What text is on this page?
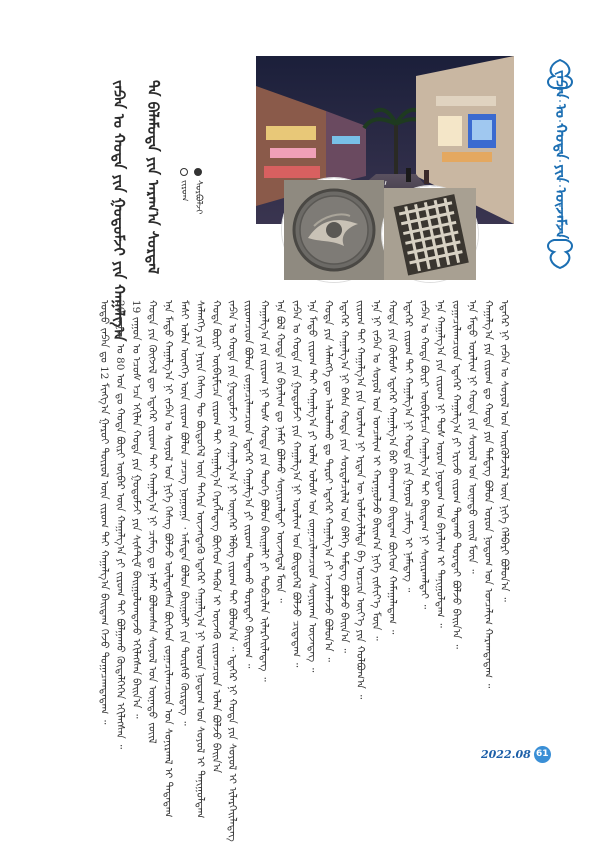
ᠵᠠᠫᠠᠨ ᠤ ᠬᠣᠲᠠ ᠶᠢᠨ ᠦᠵᠡᠮᠵᠡ
ᠵᠠᠫᠠᠨ ᠤ ᠬᠣᠲᠠ ᠶᠢᠨ ᠭᠤᠳᠤᠮᠵᠢ ᠶᠢᠨ ᠬᠠᠭᠠᠯᠭ᠎ᠠ ᠲᠡ ᠪᠠᠯᠠᠮᠤᠲᠠ ᠶᠢᠨ ᠠᠷᠠᠭ᠎ᠠ ᠰᠤᠷᠲᠠᠯ	ᠵᠢᠷᠤᠭ ᠰᠤᠷᠪᠤᠯᠵᠢ
ᠣᠳᠣ ᠵᠠᠫᠠᠨ ᠳᠤ 12 ᠮᠢᠩᠭ᠎ᠠ ᠭᠠᠷᠤᠢ ᠲᠦᠷᠦᠯ ᠦᠨ ᠵᠢᠷᠤᠭ ᠲᠠᠢ ᠬᠠᠭᠠᠯᠭ᠎ᠠ ᠪᠠᠢᠳᠠᠭ ᠭᠡᠵᠦ ᠲᠣᠭᠠᠴᠠᠭᠳᠠᠳᠠᠭ ᠃ 20 ᠵᠠᠭᠤᠨ ᠤ 80 ᠣᠨ ᠳᠤ ᠬᠣᠲᠠ ᠪᠦᠷᠢ ᠥᠪᠡᠷ ᠦᠨ ᠬᠠᠭᠠᠯᠭ᠎ᠠ ᠶᠢ ᠵᠢᠷᠤᠭ ᠲᠠᠢ ᠪᠣᠯᠭᠠᠬᠤ ᠬᠥᠳᠡᠯᠭᠡᠭᠡᠨ ᠡᠬᠢᠯᠡᠭᠰᠡᠨ ᠃ 19 ᠵᠠᠭᠤᠨ ᠤ ᠡᠴᠦᠰ ᠡᠴᠡ ᠡᠬᠢᠯᠡᠨ ᠬᠣᠲᠠ ᠶᠢᠨ ᠭᠤᠳᠤᠮᠵᠢ ᠶᠢᠨ ᠰᠢᠰᠲ᠋ᠧᠮ ᠪᠠᠢᠭᠤᠯᠤᠭᠳᠠᠵᠤ ᠡᠬᠢᠯᠡᠭᠰᠡᠨ ᠪᠠᠢᠨ᠎ᠠ ᠃ ᠬᠣᠲᠠ ᠶᠢᠨ ᠬᠥᠭᠵᠢᠯ ᠳᠦ ᠡᠳᠡᠭᠡᠷ ᠵᠢᠷᠤᠭ ᠲᠠᠢ ᠬᠠᠭᠠᠯᠭ᠎ᠠ ᠨᠢ ᠴᠢᠮᠡᠭ ᠳᠤ ᠨᠡᠮᠡᠷ ᠪᠣᠯᠤᠭᠰᠠᠨ ᠰᠣᠶᠤᠯ ᠤᠨ ᠦᠨᠡᠲᠦ ᠵᠦᠢᠯ ᠡᠨᠡ ᠮᠡᠲᠦ ᠬᠠᠭᠠᠯᠭ᠎ᠠ ᠨᠢ ᠵᠠᠫᠠᠨ ᠤ ᠰᠣᠶᠤᠯ ᠤᠨ ᠨᠢᠭᠡ ᠬᠡᠰᠡᠭ ᠪᠣᠯᠵᠤ ᠦᠯᠡᠳᠡᠭᠰᠡᠨ ᠪᠥᠭᠡᠳ ᠵᠤᠭᠠᠴᠢᠯᠠᠭᠴᠢᠳ ᠤᠨ ᠰᠣᠨᠢᠷᠬᠠᠯ ᠢ ᠲᠠᠲᠠᠳᠠᠭ ᠮᠠᠰᠢ ᠣᠯᠠᠨ ᠥᠩᠭᠡ ᠦᠨ ᠵᠢᠷᠤᠭ ᠪᠣᠯᠤᠨ ᠴᠡᠴᠡᠭ ᠨᠣᠭᠣᠭᠠ ᠂ ᠠᠮᠢᠳᠠᠨ ᠪᠣᠯᠤᠨ ᠪᠠᠢᠭᠤᠯᠢ ᠶᠢᠨ ᠳᠦᠷᠰᠦ ᠬᠦᠷᠳᠡᠭ ᠃ ᠰᠡᠯᠡᠩᠭᠡ ᠶᠢᠨ ᠨᠠᠷᠢᠨ ᠬᠡᠰᠡᠭ ᠲᠦ ᠪᠦᠲᠦᠭᠡᠯ ᠦᠨ ᠳᠡᠭᠡᠷᠡ ᠦᠵᠡᠭᠳᠡᠬᠦ ᠡᠳᠡᠭᠡᠷ ᠬᠠᠭᠠᠯᠭ᠎ᠠ ᠨᠢ ᠣᠷᠣᠨ ᠨᠤᠲᠤᠭ ᠤᠨ ᠰᠣᠶᠤᠯ ᠢ ᠲᠠᠨᠢᠭᠤᠯᠳᠠᠭ ᠬᠣᠲᠠ ᠪᠦᠷᠢ ᠥᠪᠡᠷᠮᠢᠴᠡ ᠵᠢᠷᠤᠭ ᠲᠠᠢ ᠬᠠᠭᠠᠯᠭ᠎ᠠ ᠬᠡᠷᠡᠭᠯᠡᠳᠡᠭ ᠪᠥᠭᠡᠳ ᠲᠡᠭᠦᠨ ᠢ ᠦᠵᠡᠬᠦ ᠵᠢᠷᠤᠭᠴᠢᠳ ᠣᠯᠠᠨ ᠪᠣᠯᠵᠤ ᠪᠠᠢᠨ᠎ᠠ ᠵᠠᠫᠠᠨ ᠤ ᠬᠣᠲᠠ ᠶᠢᠨ ᠭᠤᠳᠤᠮᠵᠢ ᠶᠢᠨ ᠬᠠᠭᠠᠯᠭ᠎ᠠ ᠨᠢ ᠦᠨᠡᠬᠡᠷ ᠡᠯᠪᠡᠭ ᠵᠢᠷᠤᠭ ᠲᠠᠢ ᠪᠣᠯᠤᠨ᠎ᠠ ᠃ ᠡᠳᠡᠭᠡᠷ ᠨᠢ ᠬᠣᠲᠠ ᠶᠢᠨ ᠰᠣᠶᠤᠯ ᠢ ᠢᠯᠡᠷᠬᠡᠢᠯᠡᠳᠡᠭ ᠵᠢᠷᠤᠭᠴᠢᠳ ᠪᠣᠯᠤᠨ ᠵᠤᠭᠠᠴᠢᠯᠠᠭᠴᠢᠳ ᠡᠳᠡᠭᠡᠷ ᠬᠠᠭᠠᠯᠭ᠎ᠠ ᠶᠢ ᠵᠢᠷᠤᠭ ᠲᠠᠳᠠᠬᠤ ᠳᠤᠷᠠᠲᠠᠢ ᠪᠠᠢᠳᠠᠭ ᠃ ᠬᠠᠭᠠᠯᠭ᠎ᠠ ᠶᠢᠨ ᠵᠢᠷᠤᠭ ᠨᠢ ᠲᠤᠰ ᠬᠣᠲᠠ ᠶᠢᠨ ᠲᠡᠦᠬᠡ ᠪᠣᠯᠤᠨ ᠪᠠᠢᠭᠠᠯᠢ ᠶᠢ ᠲᠣᠪᠴᠢᠯᠠᠨ ᠢᠯᠡᠷᠬᠡᠢᠯᠡᠳᠡᠭ ᠃ ᠡᠨᠡ ᠪᠣᠯ ᠬᠣᠲᠠ ᠶᠢᠨ ᠪᠠᠶᠠᠯᠢᠭ ᠳᠤ ᠨᠡᠮᠡᠷ ᠪᠣᠯᠬᠤ ᠰᠣᠨᠢᠷᠬᠠᠯᠲᠠᠢ ᠦᠵᠡᠭᠳᠡᠯ ᠮᠥᠨ ᠃ ᠵᠠᠫᠠᠨ ᠤ ᠬᠣᠲᠠ ᠶᠢᠨ ᠭᠤᠳᠤᠮᠵᠢ ᠶᠢᠨ ᠬᠠᠭᠠᠯᠭ᠎ᠠ ᠨᠢ ᠤᠷᠠᠯᠢᠭ ᠤᠨ ᠪᠦᠲᠦᠭᠡᠯ ᠪᠣᠯᠵᠤ ᠴᠢᠳᠠᠳᠠᠭ ᠃ ᠡᠨᠡ ᠮᠡᠲᠦ ᠵᠢᠷᠤᠭ ᠲᠠᠢ ᠬᠠᠭᠠᠯᠭ᠎ᠠ ᠶᠢ ᠣᠯᠠᠨ ᠤᠯᠤᠰ ᠤᠨ ᠵᠤᠭᠠᠴᠢᠯᠠᠭᠴᠢᠳ ᠰᠣᠨᠢᠷᠬᠠᠨ ᠦᠵᠡᠳᠡᠭ ᠃ ᠬᠣᠲᠠ ᠶᠢᠨ ᠰᠡᠯᠡᠩᠭᠡ ᠳᠦ ᠠᠯᠬᠤᠯᠠᠬᠤ ᠳᠤ ᠳᠠᠷᠤᠢ ᠡᠳᠡᠭᠡᠷ ᠬᠠᠭᠠᠯᠭ᠎ᠠ ᠶᠢ ᠠᠵᠢᠭᠯᠠᠵᠤ ᠪᠣᠯᠤᠨ᠎ᠠ ᠃ ᠡᠳᠡᠭᠡᠷ ᠬᠠᠭᠠᠯᠭ᠎ᠠ ᠨᠢ ᠪᠠᠰᠠ ᠬᠣᠲᠠ ᠶᠢᠨ ᠰᠤᠷᠲᠠᠯᠴᠢᠯᠠᠯ ᠤᠨ ᠪᠡᠯᠭᠡ ᠲᠡᠮᠳᠡᠭ ᠪᠣᠯᠵᠤ ᠪᠠᠢᠨ᠎ᠠ ᠃ ᠵᠢᠷᠤᠭ ᠲᠠᠢ ᠬᠠᠭᠠᠯᠭ᠎ᠠ ᠶᠢᠨ ᠤᠷᠠᠯᠢᠭ ᠨᠢ ᠡᠷᠲᠡᠨ ᠦ ᠤᠯᠠᠮᠵᠢᠯᠠᠯᠲᠠ ᠪᠠ ᠣᠷᠴᠢᠨ ᠦᠶ᠎ᠡ ᠶᠢᠨ ᠬᠣᠯᠪᠣᠭ᠎ᠠ ᠃ ᠡᠨᠡ ᠨᠢ ᠵᠠᠫᠠᠨ ᠤ ᠰᠣᠶᠤᠯ ᠤᠨ ᠣᠨᠴᠠᠯᠢᠭ ᠢ ᠬᠠᠷᠠᠭᠤᠯᠵᠤ ᠪᠠᠢᠭ᠎ᠠ ᠨᠢᠭᠡ ᠵᠢᠱᠢᠶ᠎ᠡ ᠮᠥᠨ ᠃ ᠬᠣᠲᠠ ᠶᠢᠨ ᠬᠦᠮᠦᠰ ᠡᠳᠡᠭᠡᠷ ᠬᠠᠭᠠᠯᠭ᠎ᠠ ᠪᠠᠷ ᠪᠠᠬᠠᠷᠬᠠᠨ ᠪᠠᠢᠳᠠᠭ ᠪᠥᠭᠡᠳ ᠬᠠᠮᠠᠭᠠᠯᠠᠳᠠᠭ ᠃ ᠡᠳᠡᠭᠡᠷ ᠵᠢᠷᠤᠭ ᠲᠠᠢ ᠬᠠᠭᠠᠯᠭ᠎ᠠ ᠨᠢ ᠬᠣᠲᠠ ᠶᠢᠨ ᠭᠣᠶᠣᠯ ᠴᠢᠮᠡᠭ ᠢ ᠨᠡᠮᠡᠳᠡᠭ ᠃ ᠵᠠᠫᠠᠨ ᠤ ᠬᠣᠲᠠ ᠪᠦᠷᠢ ᠥᠪᠡᠷᠮᠢᠴᠡ ᠬᠠᠭᠠᠯᠭ᠎ᠠ ᠲᠠᠢ ᠪᠠᠢᠳᠠᠭ ᠨᠢ ᠰᠣᠨᠢᠷᠬᠠᠯᠲᠠᠢ ᠃ ᠡᠨᠡ ᠬᠠᠭᠠᠯᠭ᠎ᠠ ᠶᠢᠨ ᠵᠢᠷᠤᠭ ᠨᠢ ᠲᠤᠰ ᠣᠷᠣᠨ ᠨᠤᠲᠤᠭ ᠤᠨ ᠪᠠᠶᠠᠯᠢᠭ ᠢ ᠲᠠᠨᠢᠭᠤᠯᠳᠠᠭ ᠃ ᠵᠤᠭᠠᠴᠢᠯᠠᠭᠴᠢᠳ ᠡᠳᠡᠭᠡᠷ ᠬᠠᠭᠠᠯᠭ᠎ᠠ ᠶᠢ ᠡᠷᠢᠵᠦ ᠵᠢᠷᠤᠭ ᠲᠠᠳᠠᠬᠤ ᠳᠤᠷᠠᠲᠠᠢ ᠪᠣᠯᠵᠤ ᠪᠠᠢᠨ᠎ᠠ ᠃ ᠡᠨᠡ ᠮᠡᠲᠦ ᠤᠷᠠᠯᠢᠭ ᠨᠢ ᠬᠣᠲᠠ ᠶᠢᠨ ᠰᠣᠶᠤᠯ ᠤᠨ ᠦᠨᠡᠲᠦ ᠵᠦᠢᠯ ᠮᠥᠨ ᠃ ᠬᠠᠭᠠᠯᠭ᠎ᠠ ᠶᠢᠨ ᠵᠢᠷᠤᠭ ᠳᠤ ᠬᠣᠲᠠ ᠶᠢᠨ ᠲᠡᠮᠳᠡᠭ ᠪᠣᠯᠤᠨ ᠣᠷᠣᠨ ᠨᠤᠲᠤᠭ ᠤᠨ ᠣᠨᠴᠠᠯᠢᠭ ᠬᠠᠷᠠᠭᠳᠠᠳᠠᠭ ᠃ ᠡᠳᠡᠭᠡᠷ ᠨᠢ ᠵᠠᠫᠠᠨ ᠤ ᠰᠣᠶᠤᠯ ᠤᠨ ᠦᠷᠭᠦᠯᠵᠢᠯᠡᠯ ᠦᠨ ᠨᠢᠭᠡ ᠬᠡᠯᠪᠡᠷᠢ ᠪᠣᠯᠤᠨ᠎ᠠ ᠃
2022.08 61
